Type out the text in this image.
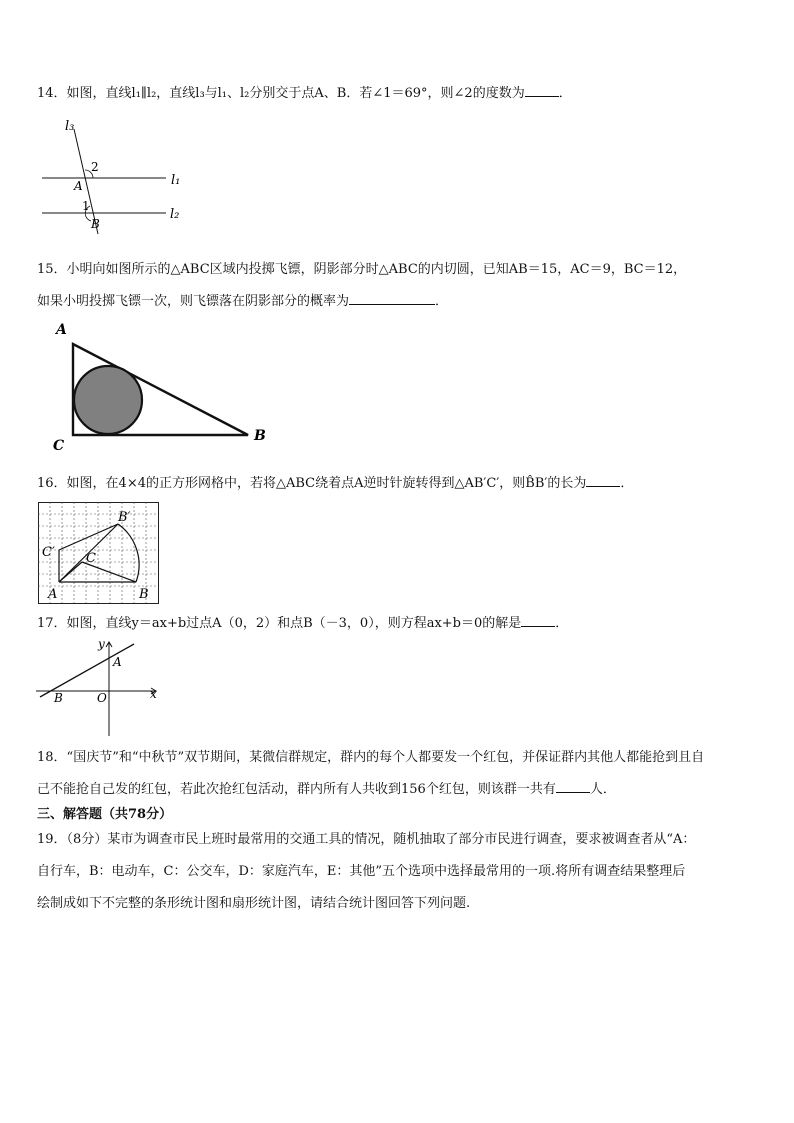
14．如图，直线l₁∥l₂，直线l₃与l₁、l₂分别交于点A、B．若∠1＝69°，则∠2的度数为	．
l₃
l₁
l₂
2
A
1
B
15．小明向如图所示的△ABC区域内投掷飞镖，阴影部分时△ABC的内切圆，已知AB＝15，AC＝9，BC＝12，
如果小明投掷飞镖一次，则飞镖落在阴影部分的概率为	．
A
C
B
16．如图，在4×4的正方形网格中，若将△ABC绕着点A逆时针旋转得到△AB′C′，则B̂B′的长为	．
B′
C′ C
A	B
17．如图，直线y＝ax+b过点A（0，2）和点B（－3，0），则方程ax+b＝0的解是	．
y
A
x
B	O
18．“国庆节”和“中秋节”双节期间，某微信群规定，群内的每个人都要发一个红包，并保证群内其他人都能抢到且自
己不能抢自己发的红包，若此次抢红包活动，群内所有人共收到156个红包，则该群一共有	人．
三、解答题（共78分）
19．（8分）某市为调查市民上班时最常用的交通工具的情况，随机抽取了部分市民进行调查，要求被调查者从“A：
自行车，B：电动车，C：公交车，D：家庭汽车，E：其他”五个选项中选择最常用的一项.将所有调查结果整理后
绘制成如下不完整的条形统计图和扇形统计图，请结合统计图回答下列问题.
